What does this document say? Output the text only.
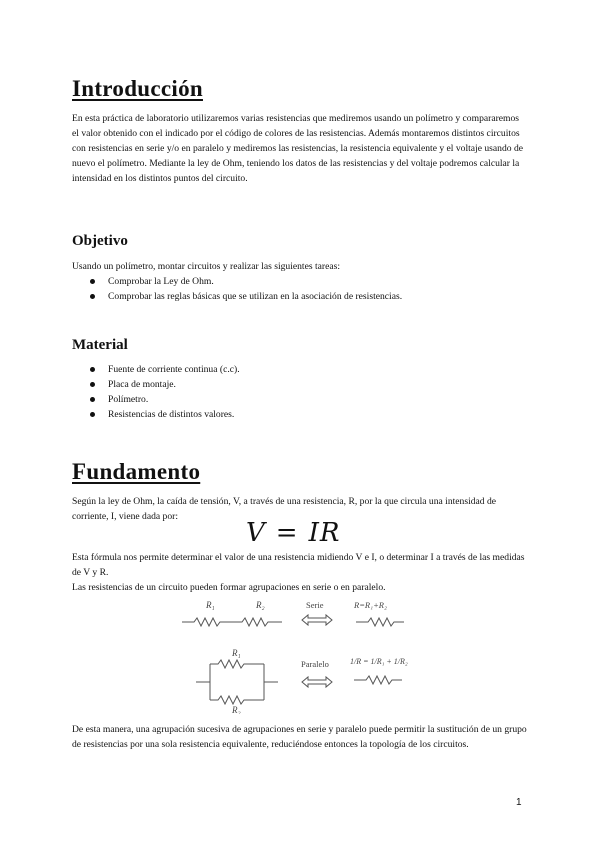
Introducción

En esta práctica de laboratorio utilizaremos varias resistencias que mediremos usando un polímetro y compararemos el valor obtenido con el indicado por el código de colores de las resistencias. Además montaremos distintos circuitos con resistencias en serie y/o en paralelo y mediremos las resistencias, la resistencia equivalente y el voltaje usando de nuevo el polímetro. Mediante la ley de Ohm, teniendo los datos de las resistencias y del voltaje podremos calcular la intensidad en los distintos puntos del circuito.

Objetivo

Usando un polímetro, montar circuitos y realizar las siguientes tareas:

Comprobar la Ley de Ohm.
Comprobar las reglas básicas que se utilizan en la asociación de resistencias.
Material
Fuente de corriente continua (c.c).
Placa de montaje.
Polímetro.
Resistencias de distintos valores.
Fundamento

Según la ley de Ohm, la caída de tensión, V, a través de una resistencia, R, por la que circula una intensidad de corriente, I, viene dada por:

V = IR

Esta fórmula nos permite determinar el valor de una resistencia midiendo V e I, o determinar I a través de las medidas de V y R.

Las resistencias de un circuito pueden formar agrupaciones en serie o en paralelo.

R₁	R₂	Serie	R=R₁+R₂
R₁
R₂
Paralelo	1/R = 1/R₁ + 1/R₂

De esta manera, una agrupación sucesiva de agrupaciones en serie y paralelo puede permitir la sustitución de un grupo de resistencias por una sola resistencia equivalente, reduciéndose entonces la topología de los circuitos.

1
